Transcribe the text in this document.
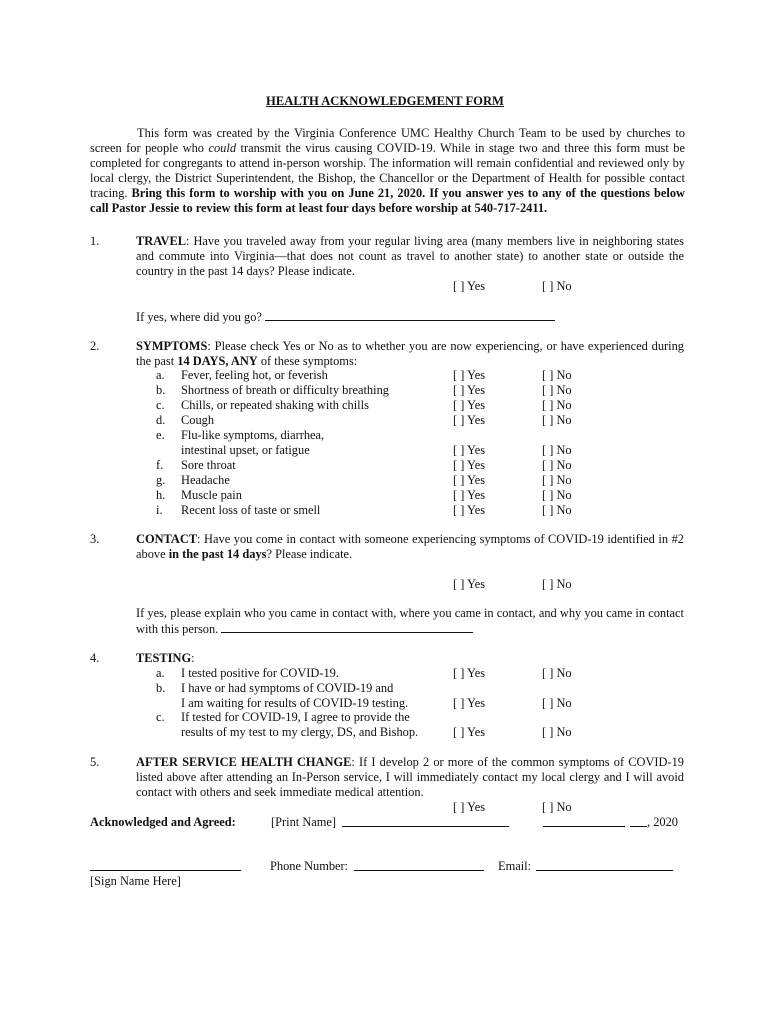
HEALTH ACKNOWLEDGEMENT FORM
This form was created by the Virginia Conference UMC Healthy Church Team to be used by churches to screen for people who could transmit the virus causing COVID-19. While in stage two and three this form must be completed for congregants to attend in-person worship. The information will remain confidential and reviewed only by local clergy, the District Superintendent, the Bishop, the Chancellor or the Department of Health for possible contact tracing. Bring this form to worship with you on June 21, 2020. If you answer yes to any of the questions below call Pastor Jessie to review this form at least four days before worship at 540-717-2411.
1.	TRAVEL: Have you traveled away from your regular living area (many members live in neighboring states and commute into Virginia—that does not count as travel to another state) to another state or outside the country in the past 14 days? Please indicate.
[ ] Yes	[ ] No
If yes, where did you go?
2.	SYMPTOMS: Please check Yes or No as to whether you are now experiencing, or have experienced during the past 14 DAYS, ANY of these symptoms:
a. Fever, feeling hot, or feverish	[ ] Yes	[ ] No
b. Shortness of breath or difficulty breathing	[ ] Yes	[ ] No
c. Chills, or repeated shaking with chills	[ ] Yes	[ ] No
d. Cough	[ ] Yes	[ ] No
e. Flu-like symptoms, diarrhea,
intestinal upset, or fatigue	[ ] Yes	[ ] No
f. Sore throat	[ ] Yes	[ ] No
g. Headache	[ ] Yes	[ ] No
h. Muscle pain	[ ] Yes	[ ] No
i. Recent loss of taste or smell	[ ] Yes	[ ] No
3.	CONTACT: Have you come in contact with someone experiencing symptoms of COVID-19 identified in #2 above in the past 14 days? Please indicate.
[ ] Yes	[ ] No
If yes, please explain who you came in contact with, where you came in contact, and why you came in contact with this person.
4.	TESTING:
a. I tested positive for COVID-19.	[ ] Yes	[ ] No
b. I have or had symptoms of COVID-19 and
I am waiting for results of COVID-19 testing.	[ ] Yes	[ ] No
c. If tested for COVID-19, I agree to provide the
results of my test to my clergy, DS, and Bishop.	[ ] Yes	[ ] No
5.	AFTER SERVICE HEALTH CHANGE: If I develop 2 or more of the common symptoms of COVID-19 listed above after attending an In-Person service, I will immediately contact my local clergy and I will avoid contact with others and seek immediate medical attention.
[ ] Yes	[ ] No
Acknowledged and Agreed:	[Print Name]	, 2020
Phone Number:	Email:
[Sign Name Here]
